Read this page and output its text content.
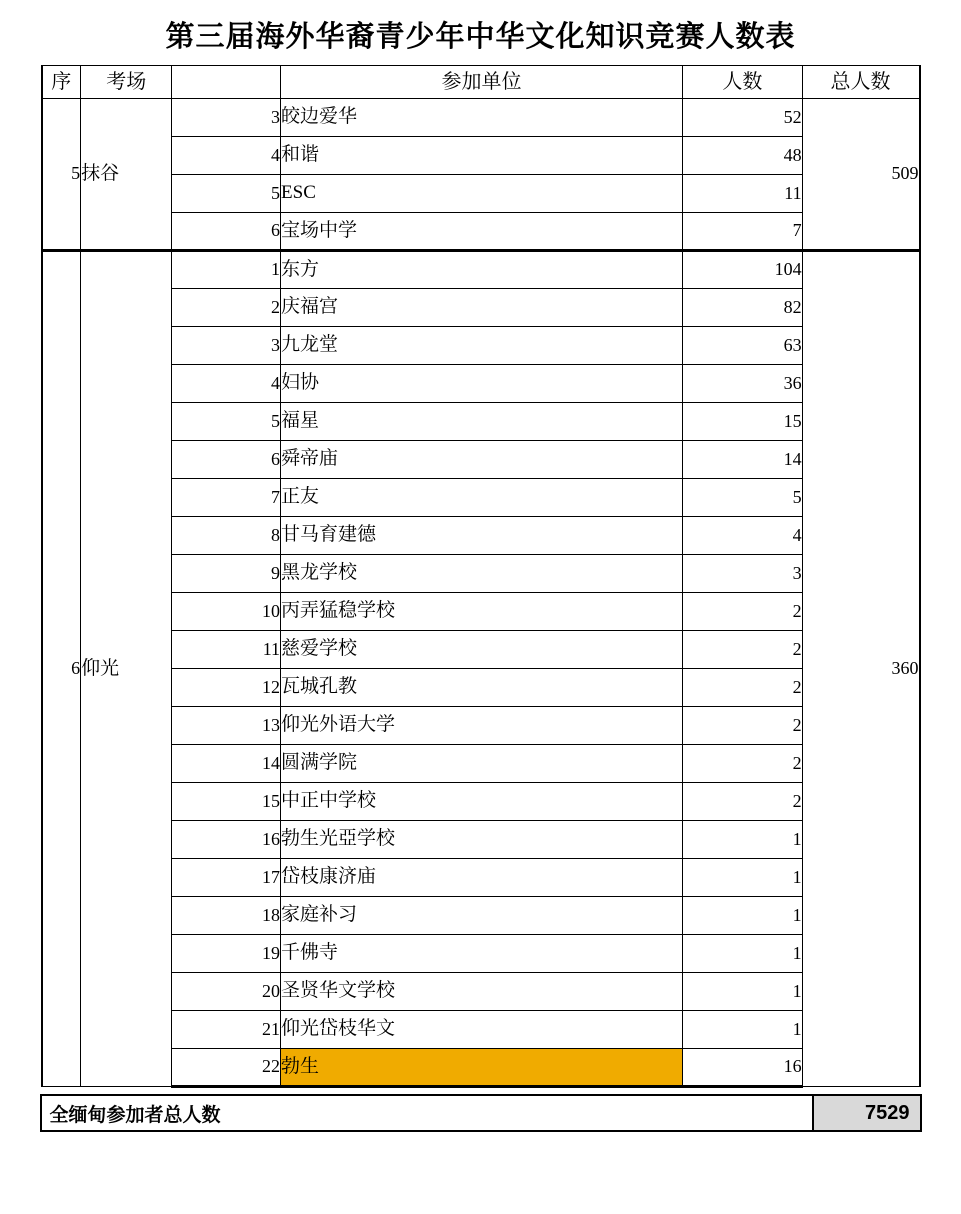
第三届海外华裔青少年中华文化知识竞赛人数表
序	考场		参加单位	人数	总人数
5	抹谷	3	皎边爱华	52	509
		4	和谐	48	
		5	ESC	11	
		6	宝场中学	7	
6	仰光	1	东方	104	360
		2	庆福宫	82	
		3	九龙堂	63	
		4	妇协	36	
		5	福星	15	
		6	舜帝庙	14	
		7	正友	5	
		8	甘马育建德	4	
		9	黑龙学校	3	
		10	丙弄猛稳学校	2	
		11	慈爱学校	2	
		12	瓦城孔教	2	
		13	仰光外语大学	2	
		14	圆满学院	2	
		15	中正中学校	2	
		16	勃生光亞学校	1	
		17	岱枝康济庙	1	
		18	家庭补习	1	
		19	千佛寺	1	
		20	圣贤华文学校	1	
		21	仰光岱枝华文	1	
		22	勃生	16	
全缅甸参加者总人数	7529
